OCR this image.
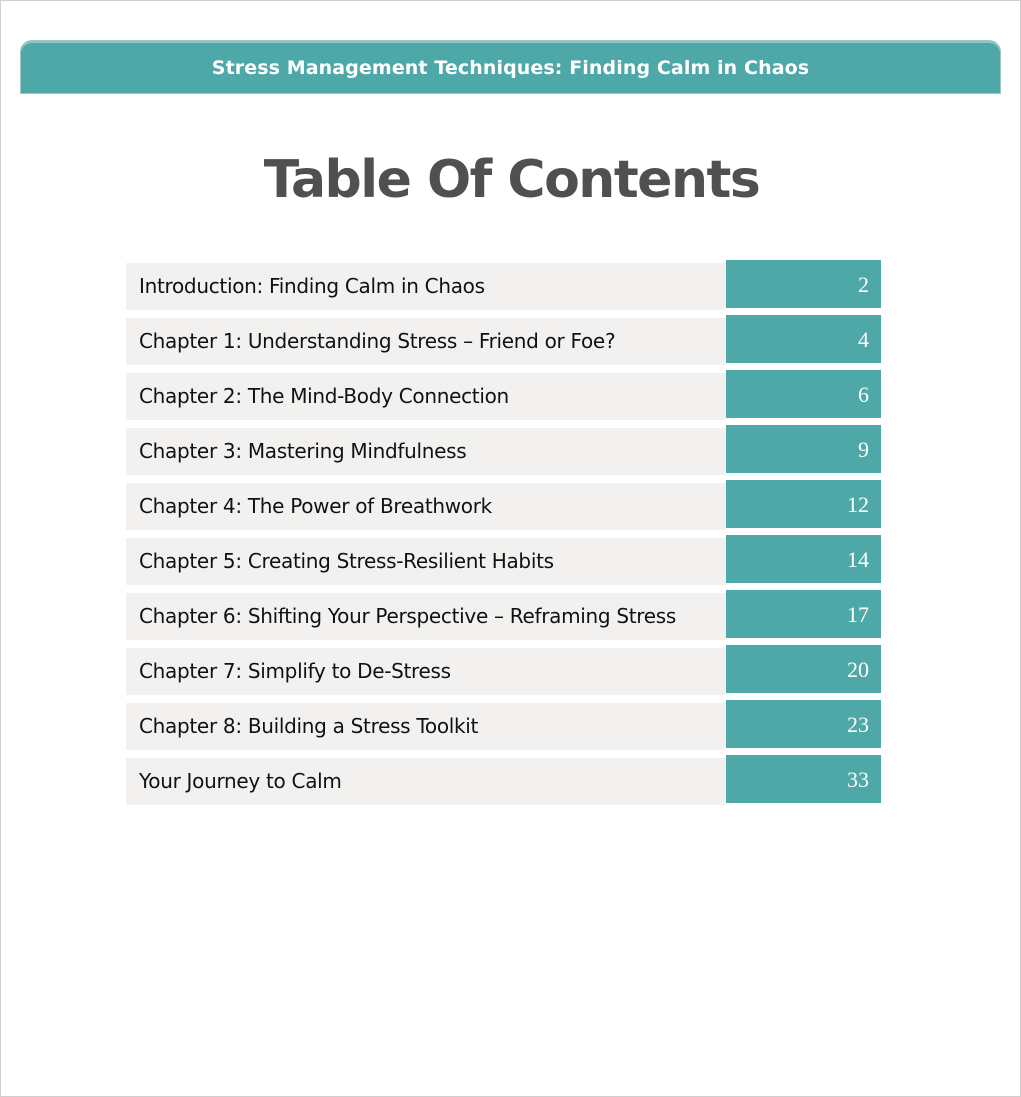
Stress Management Techniques: Finding Calm in Chaos
Table Of Contents
Introduction: Finding Calm in Chaos	2
Chapter 1: Understanding Stress – Friend or Foe?	4
Chapter 2: The Mind-Body Connection	6
Chapter 3: Mastering Mindfulness	9
Chapter 4: The Power of Breathwork	12
Chapter 5: Creating Stress-Resilient Habits	14
Chapter 6: Shifting Your Perspective – Reframing Stress	17
Chapter 7: Simplify to De-Stress	20
Chapter 8: Building a Stress Toolkit	23
Your Journey to Calm	33
